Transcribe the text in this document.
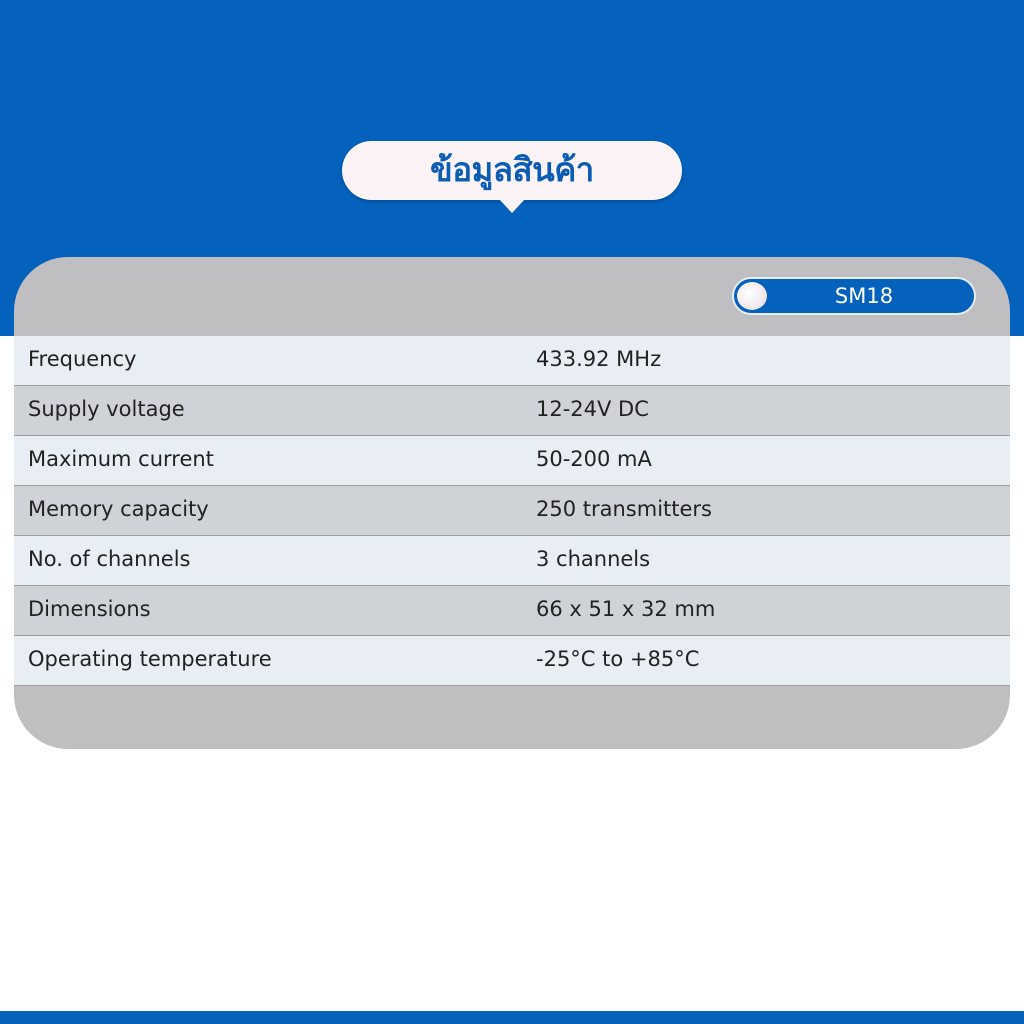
ข้อมูลสินค้า
SM18
Frequency	433.92 MHz
Supply voltage	12-24V DC
Maximum current	50-200 mA
Memory capacity	250 transmitters
No. of channels	3 channels
Dimensions	66 x 51 x 32 mm
Operating temperature	-25°C to +85°C
